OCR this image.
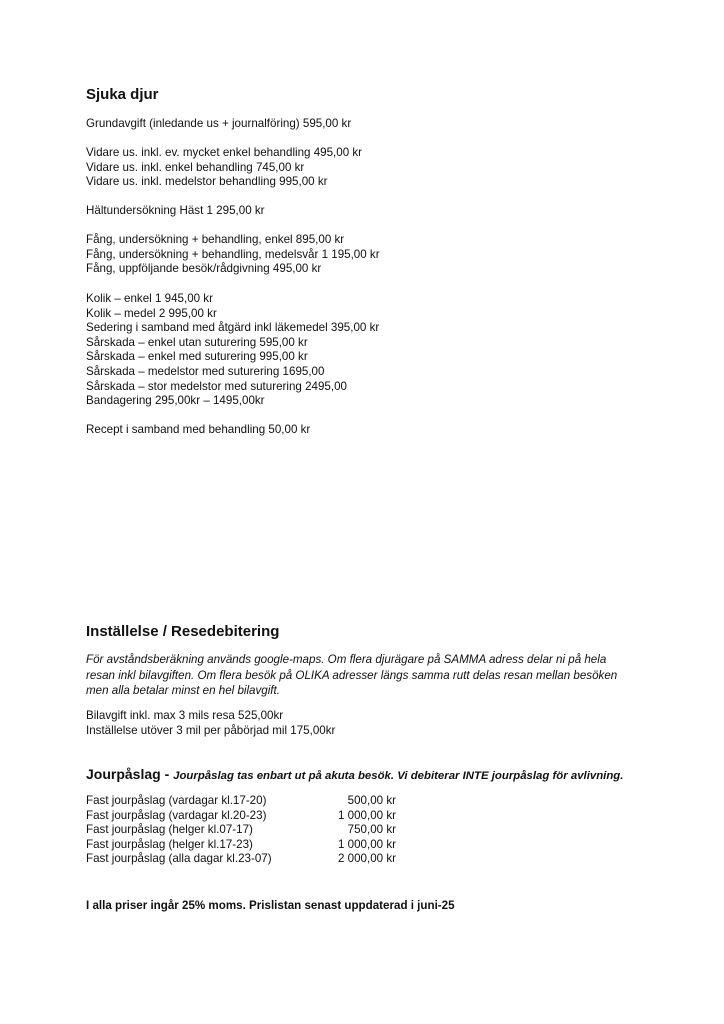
Sjuka djur
Grundavgift (inledande us + journalföring) 595,00 kr
Vidare us. inkl. ev. mycket enkel behandling 495,00 kr
Vidare us. inkl. enkel behandling 745,00 kr
Vidare us. inkl. medelstor behandling 995,00 kr
Hältundersökning Häst 1 295,00 kr
Fång, undersökning + behandling, enkel 895,00 kr
Fång, undersökning + behandling, medelsvår 1 195,00 kr
Fång, uppföljande besök/rådgivning 495,00 kr
Kolik – enkel 1 945,00 kr
Kolik – medel 2 995,00 kr
Sedering i samband med åtgärd inkl läkemedel 395,00 kr
Sårskada – enkel utan suturering 595,00 kr
Sårskada – enkel med suturering 995,00 kr
Sårskada – medelstor med suturering 1695,00
Sårskada – stor medelstor med suturering 2495,00
Bandagering 295,00kr – 1495,00kr
Recept i samband med behandling 50,00 kr
Inställelse / Resedebitering
För avståndsberäkning används google-maps. Om flera djurägare på SAMMA adress delar ni på hela
resan inkl bilavgiften. Om flera besök på OLIKA adresser längs samma rutt delas resan mellan besöken
men alla betalar minst en hel bilavgift.
Bilavgift inkl. max 3 mils resa 525,00kr
Inställelse utöver 3 mil per påbörjad mil 175,00kr
Jourpåslag - Jourpåslag tas enbart ut på akuta besök. Vi debiterar INTE jourpåslag för avlivning.
Fast jourpåslag (vardagar kl.17-20)	500,00 kr
Fast jourpåslag (vardagar kl.20-23)	1 000,00 kr
Fast jourpåslag (helger kl.07-17)	750,00 kr
Fast jourpåslag (helger kl.17-23)	1 000,00 kr
Fast jourpåslag (alla dagar kl.23-07)	2 000,00 kr
I alla priser ingår 25% moms. Prislistan senast uppdaterad i juni-25
